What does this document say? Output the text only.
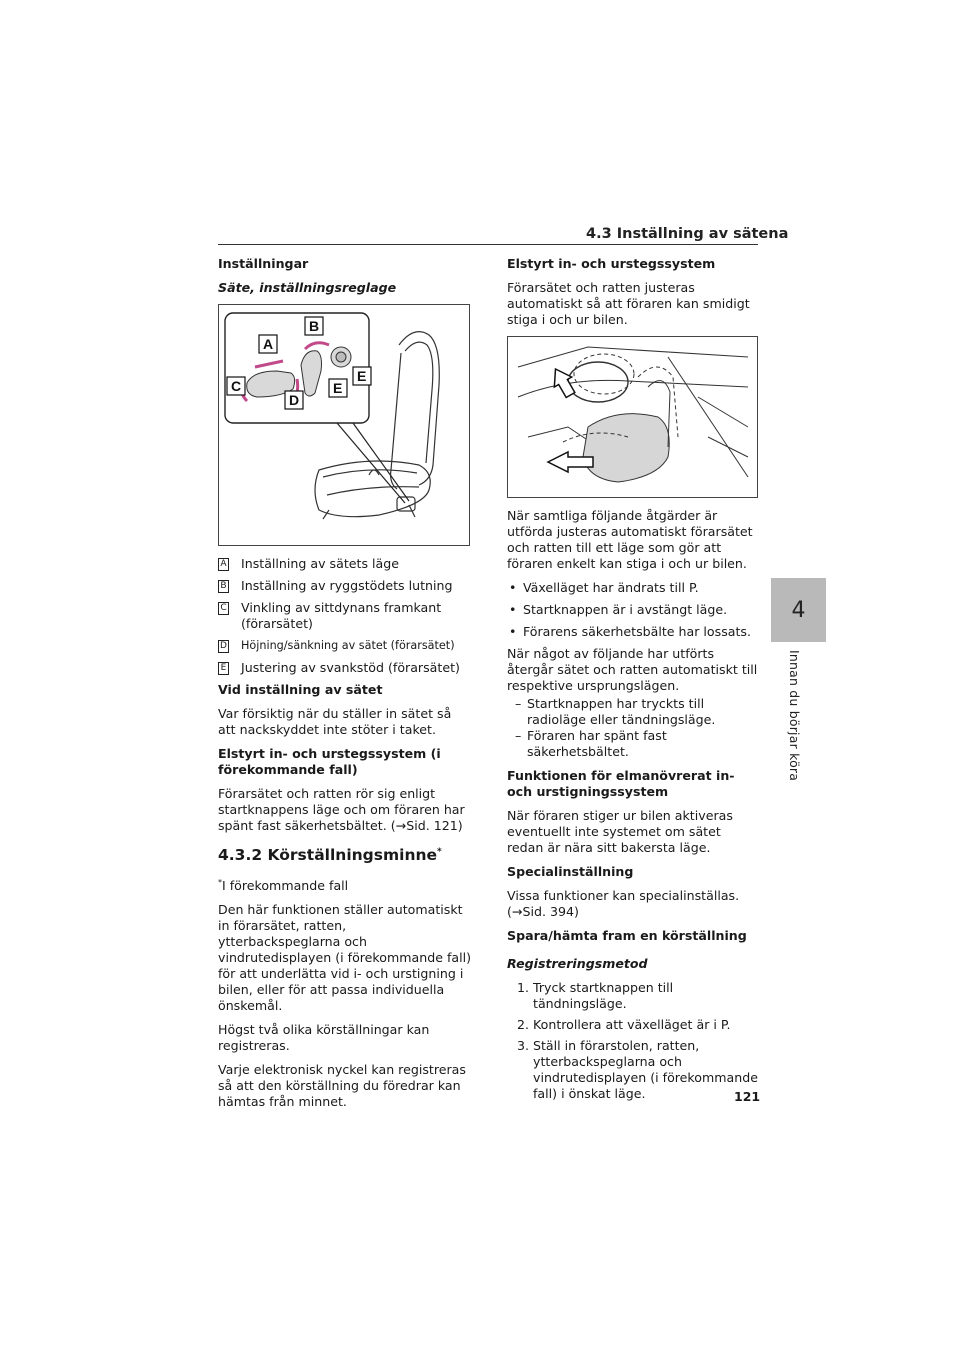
4.3 Inställning av sätena
4
Innan du börjar köra
Inställningar
Säte, inställningsreglage
A
B
C
D
E
E
A Inställning av sätets läge
B Inställning av ryggstödets lutning
C Vinkling av sittdynans framkant (förarsätet)
D Höjning/sänkning av sätet (förarsätet)
E Justering av svankstöd (förarsätet)
Vid inställning av sätet
Var försiktig när du ställer in sätet så att nackskyddet inte stöter i taket.
Elstyrt in- och urstegssystem (i förekommande fall)
Förarsätet och ratten rör sig enligt startknappens läge och om föraren har spänt fast säkerhetsbältet. (→Sid. 121)
4.3.2 Körställningsminne*
*I förekommande fall
Den här funktionen ställer automatiskt in förarsätet, ratten, ytterbackspeglarna och vindrutedisplayen (i förekommande fall) för att underlätta vid i- och urstigning i bilen, eller för att passa individuella önskemål.
Högst två olika körställningar kan registreras.
Varje elektronisk nyckel kan registreras så att den körställning du föredrar kan hämtas från minnet.
Elstyrt in- och urstegssystem
Förarsätet och ratten justeras automatiskt så att föraren kan smidigt stiga i och ur bilen.
När samtliga följande åtgärder är utförda justeras automatiskt förarsätet och ratten till ett läge som gör att föraren enkelt kan stiga i och ur bilen.
• Växelläget har ändrats till P.
• Startknappen är i avstängt läge.
• Förarens säkerhetsbälte har lossats.
När något av följande har utförts återgår sätet och ratten automatiskt till respektive ursprungslägen.
– Startknappen har tryckts till radioläge eller tändningsläge.
– Föraren har spänt fast säkerhetsbältet.
Funktionen för elmanövrerat in- och urstigningssystem
När föraren stiger ur bilen aktiveras eventuellt inte systemet om sätet redan är nära sitt bakersta läge.
Specialinställning
Vissa funktioner kan specialinställas. (→Sid. 394)
Spara/hämta fram en körställning
Registreringsmetod
1. Tryck startknappen till tändningsläge.
2. Kontrollera att växelläget är i P.
3. Ställ in förarstolen, ratten, ytterbackspeglarna och vindrutedisplayen (i förekommande fall) i önskat läge.	121
